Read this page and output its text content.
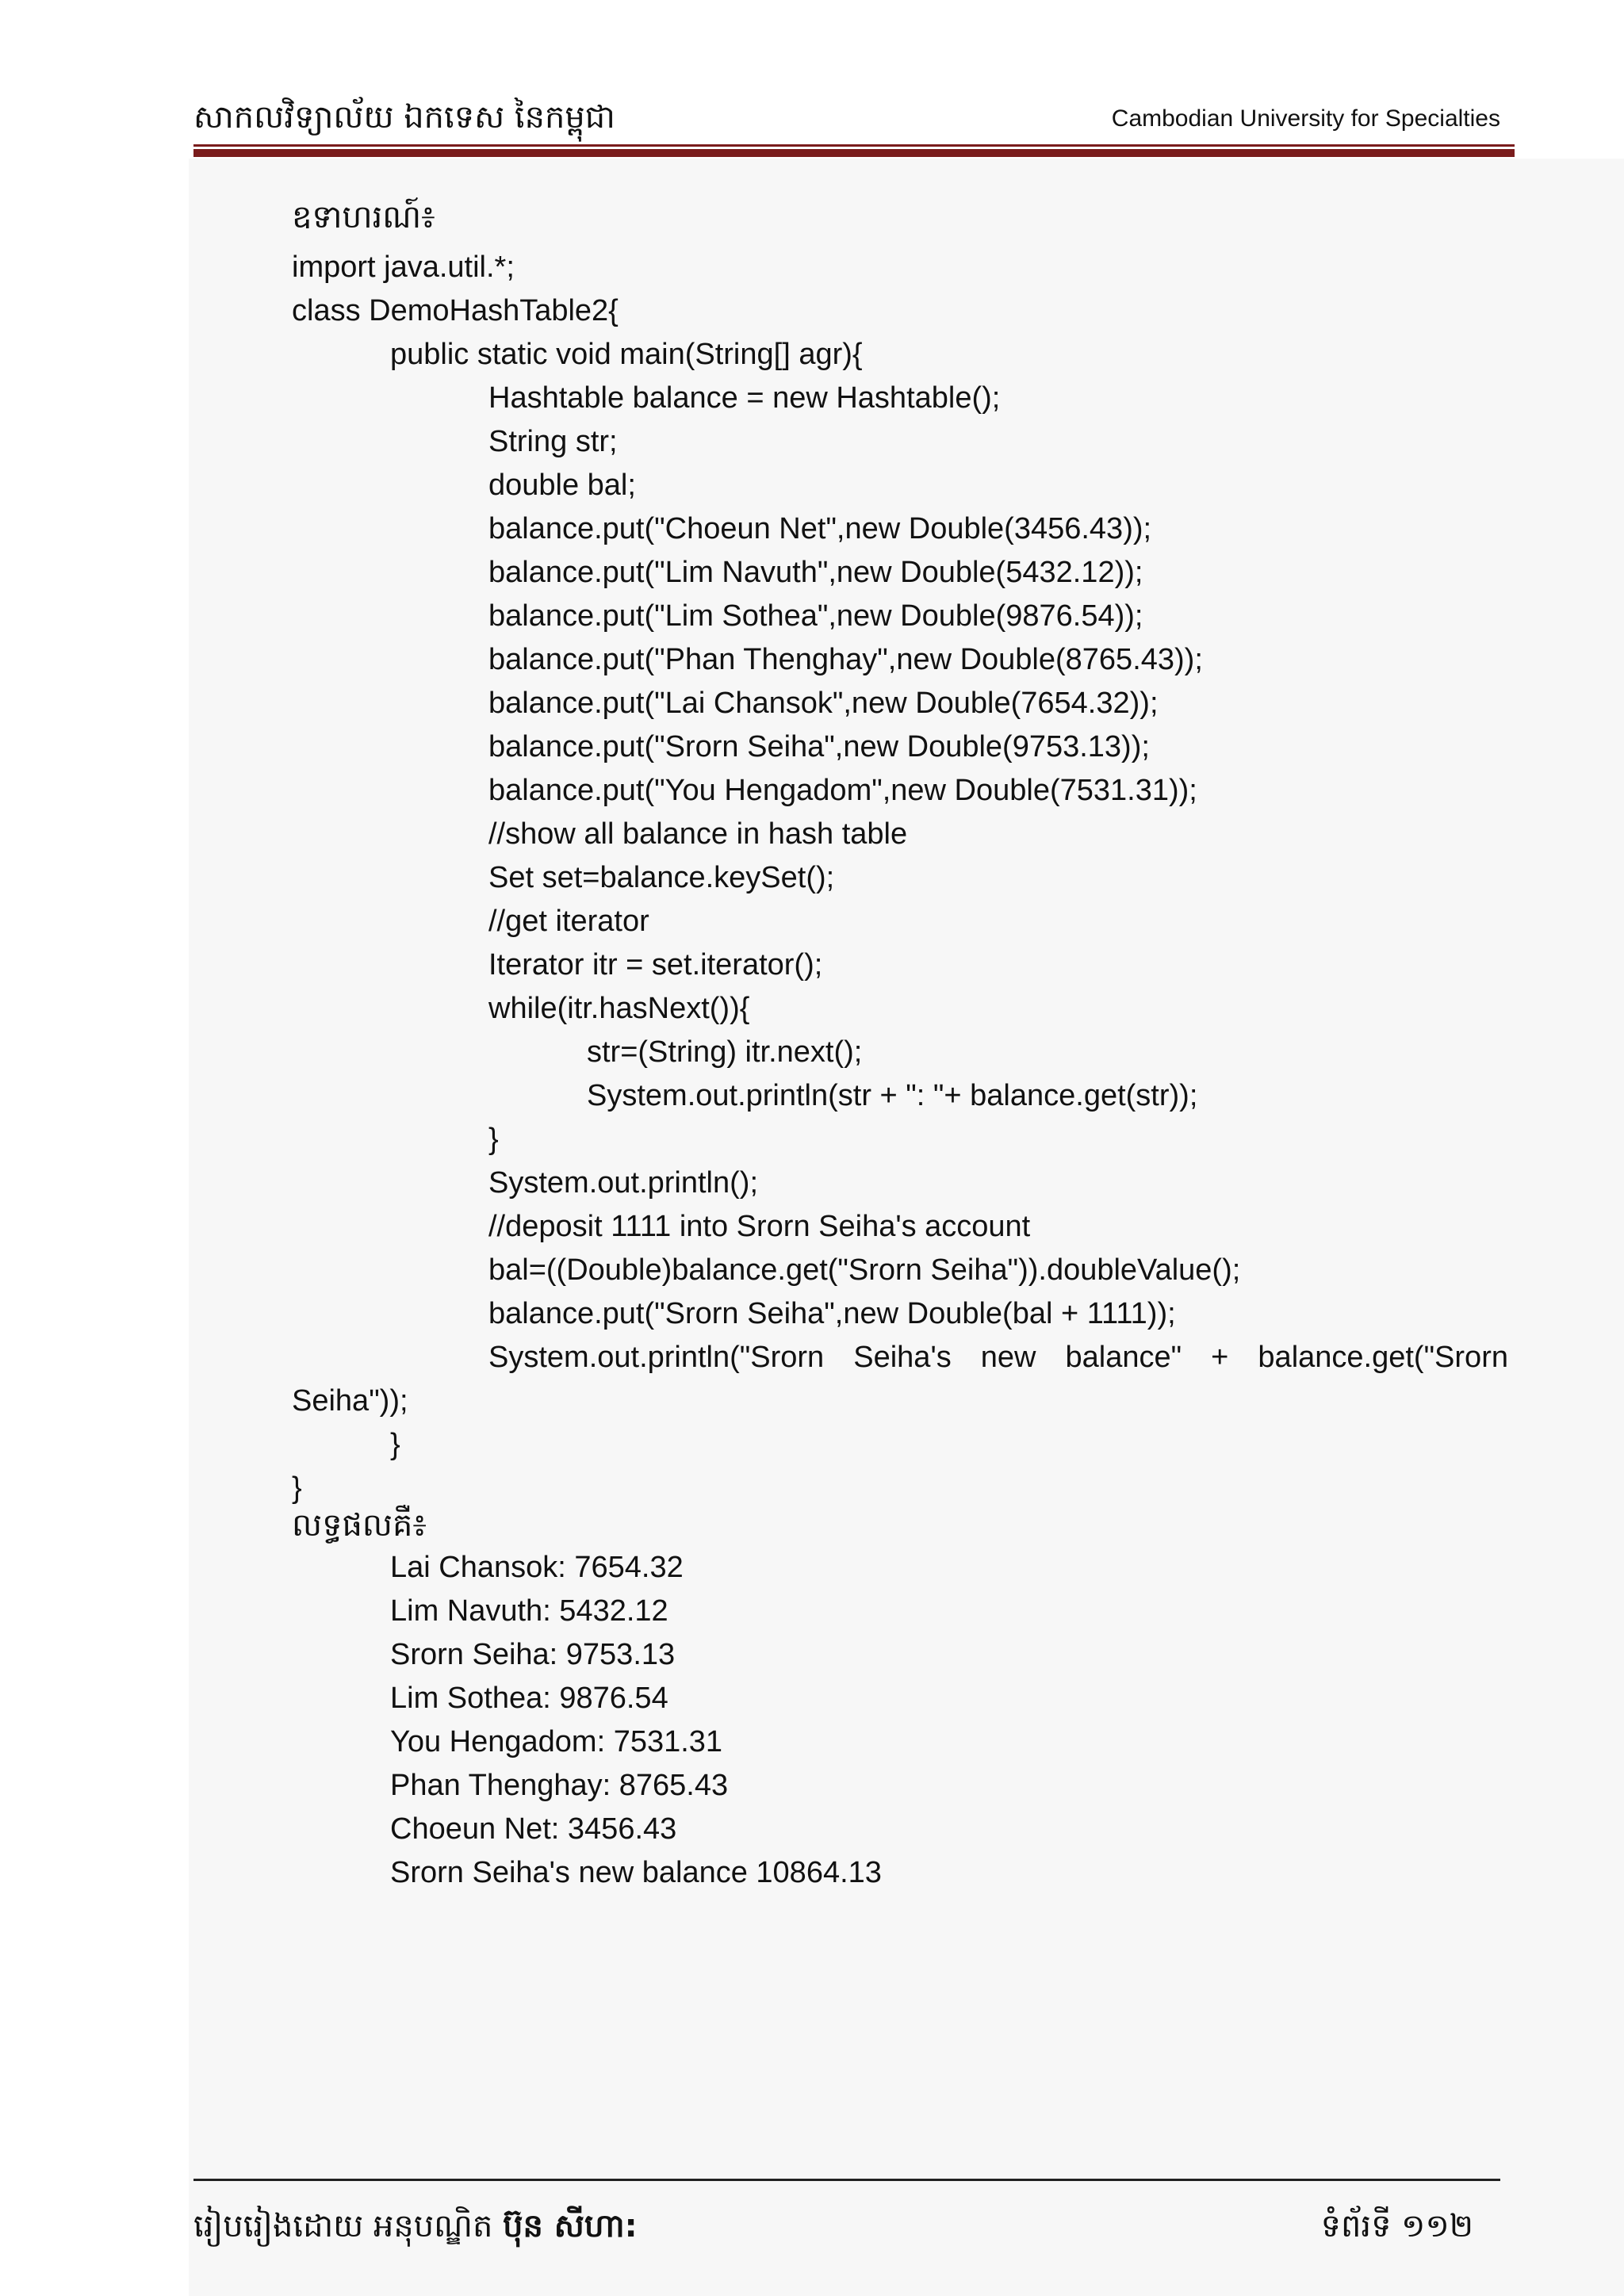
សាកលវិទ្យាល័យ ឯកទេស នៃកម្ពុជា	Cambodian University for Specialties
ឧទាហរណ៍៖
import java.util.*;
class DemoHashTable2{
public static void main(String[] agr){
Hashtable balance = new Hashtable();
String str;
double bal;
balance.put("Choeun Net",new Double(3456.43));
balance.put("Lim Navuth",new Double(5432.12));
balance.put("Lim Sothea",new Double(9876.54));
balance.put("Phan Thenghay",new Double(8765.43));
balance.put("Lai Chansok",new Double(7654.32));
balance.put("Srorn Seiha",new Double(9753.13));
balance.put("You Hengadom",new Double(7531.31));
//show all balance in hash table
Set set=balance.keySet();
//get iterator
Iterator itr = set.iterator();
while(itr.hasNext()){
str=(String) itr.next();
System.out.println(str + ": "+ balance.get(str));
}
System.out.println();
//deposit 1111 into Srorn Seiha's account
bal=((Double)balance.get("Srorn Seiha")).doubleValue();
balance.put("Srorn Seiha",new Double(bal + 1111));
System.out.println("Srorn Seiha's new balance" + balance.get("Srorn
Seiha"));
}
}
លទ្ធផលគឺ៖
Lai Chansok: 7654.32
Lim Navuth: 5432.12
Srorn Seiha: 9753.13
Lim Sothea: 9876.54
You Hengadom: 7531.31
Phan Thenghay: 8765.43
Choeun Net: 3456.43
Srorn Seiha's new balance 10864.13
រៀបរៀងដោយ អនុបណ្ឌិត ប៊ុន សីហា:	ទំព័រទី ១១២
